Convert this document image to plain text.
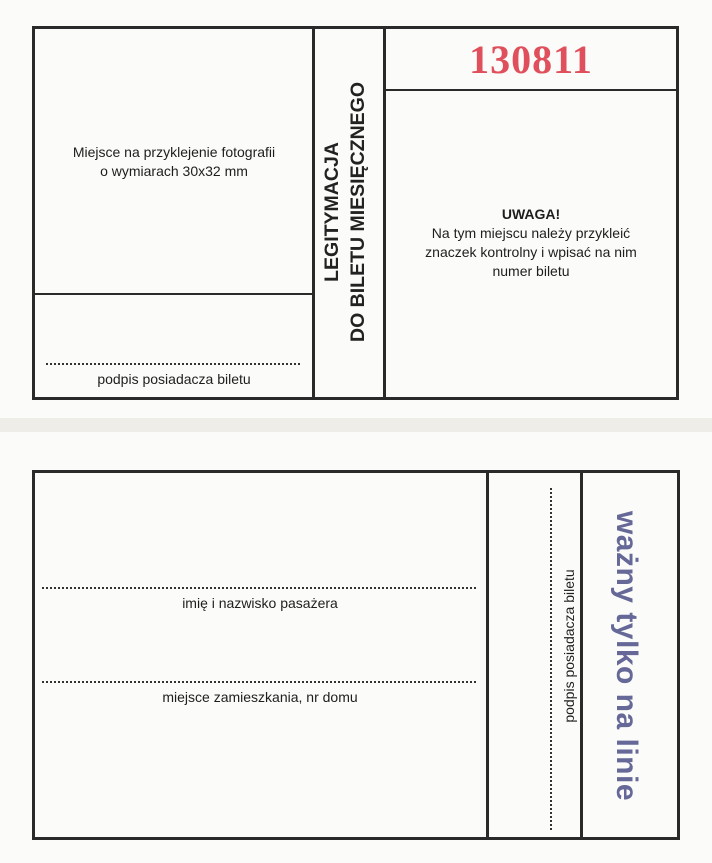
Miejsce na przyklejenie fotografii
o wymiarach 30x32 mm
podpis posiadacza biletu
LEGITYMACJA DO BILETU MIESIĘCZNEGO
130811
UWAGA!
Na tym miejscu należy przykleić
znaczek kontrolny i wpisać na nim
numer biletu
imię i nazwisko pasażera
miejsce zamieszkania, nr domu	podpis posiadacza biletu ważny tylko na linie
